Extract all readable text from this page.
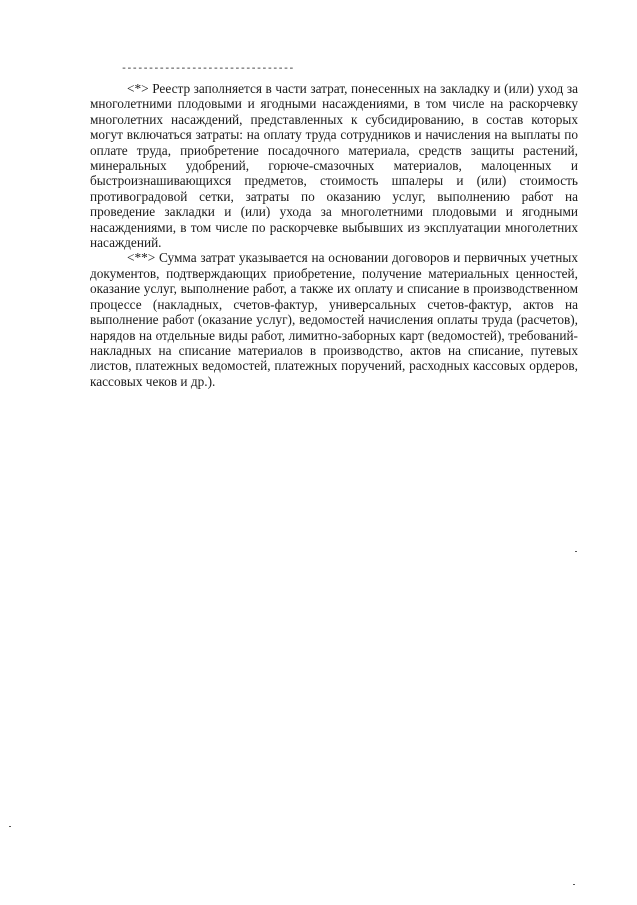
--------------------------------

<*> Реестр заполняется в части затрат, понесенных на закладку и (или) уход за многолетними плодовыми и ягодными насаждениями, в том числе на раскорчевку многолетних насаждений, представленных к субсидированию, в состав которых могут включаться затраты: на оплату труда сотрудников и начисления на выплаты по оплате труда, приобретение посадочного материала, средств защиты растений, минеральных удобрений, горюче-смазочных материалов, малоценных и быстроизнашивающихся предметов, стоимость шпалеры и (или) стоимость противоградовой сетки, затраты по оказанию услуг, выполнению работ на проведение закладки и (или) ухода за многолетними плодовыми и ягодными насаждениями, в том числе по раскорчевке выбывших из эксплуатации многолетних насаждений.

<**> Сумма затрат указывается на основании договоров и первичных учетных документов, подтверждающих приобретение, получение материальных ценностей, оказание услуг, выполнение работ, а также их оплату и списание в производственном процессе (накладных, счетов-фактур, универсальных счетов-фактур, актов на выполнение работ (оказание услуг), ведомостей начисления оплаты труда (расчетов), нарядов на отдельные виды работ, лимитно-заборных карт (ведомостей), требований-накладных на списание материалов в производство, актов на списание, путевых листов, платежных ведомостей, платежных поручений, расходных кассовых ордеров, кассовых чеков и др.).
